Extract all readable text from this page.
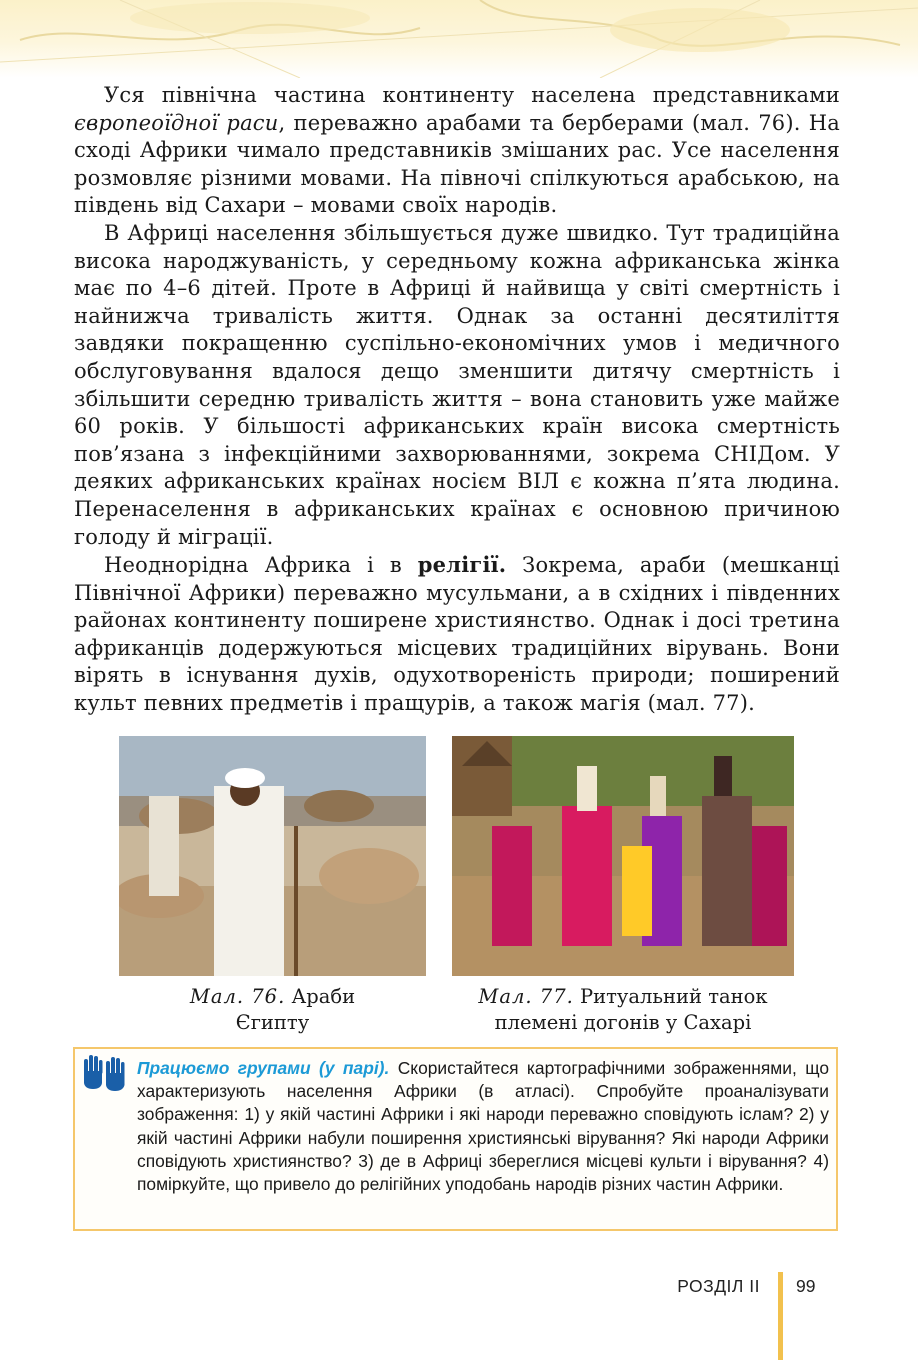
Уся північна частина континенту населена представниками європеоїдної раси, переважно арабами та берберами (мал. 76). На сході Африки чимало представників змішаних рас. Усе населення розмовляє різними мовами. На півночі спілкуються арабською, на південь від Сахари – мовами своїх народів.

В Африці населення збільшується дуже швидко. Тут традиційна висока народжуваність, у середньому кожна африканська жінка має по 4–6 дітей. Проте в Африці й найвища у світі смертність і найнижча тривалість життя. Однак за останні десятиліття завдяки покращенню суспільно-економічних умов і медичного обслуговування вдалося дещо зменшити дитячу смертність і збільшити середню тривалість життя – вона становить уже майже 60 років. У більшості африканських країн висока смертність пов’язана з інфекційними захворюваннями, зокрема СНІДом. У деяких африканських країнах носієм ВІЛ є кожна п’ята людина. Перенаселення в африканських країнах є основною причиною голоду й міграції.

Неоднорідна Африка і в релігії. Зокрема, араби (мешканці Північної Африки) переважно мусульмани, а в східних і південних районах континенту поширене християнство. Однак і досі третина африканців додержуються місцевих традиційних вірувань. Вони вірять в існування духів, одухотвореність природи; поширений культ певних предметів і пращурів, а також магія (мал. 77).

Мал. 76. Араби
Єгипту
Мал. 77. Ритуальний танок
племені догонів у Сахарі
Працюємо групами (у парі). Скористайтеся картографічними зображеннями, що характеризують населення Африки (в атласі). Спробуйте проаналізувати зображення: 1) у якій частині Африки і які народи переважно сповідують іслам? 2) у якій частині Африки набули поширення християнські вірування? Які народи Африки сповідують християнство? 3) де в Африці збереглися місцеві культи і вірування? 4) поміркуйте, що привело до релігійних уподобань народів різних частин Африки.
РОЗДІЛ ІІ 99
